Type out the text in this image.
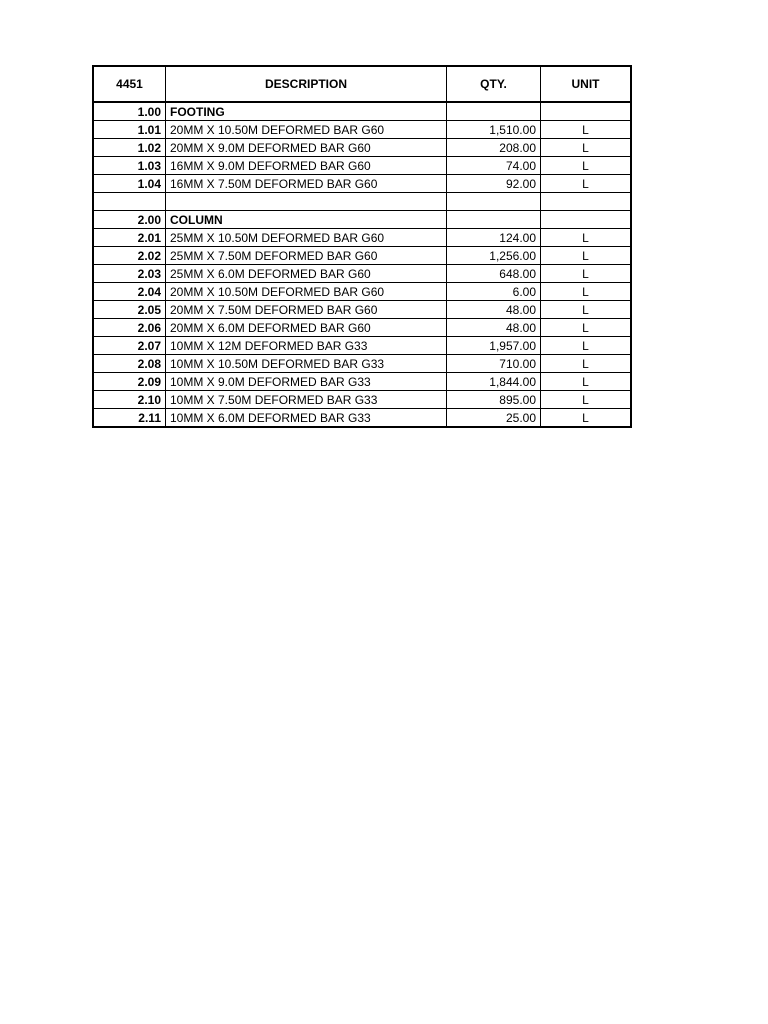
4451	DESCRIPTION	QTY.	UNIT
1.00	FOOTING		
1.01	20MM X 10.50M DEFORMED BAR G60	1,510.00	L
1.02	20MM X 9.0M DEFORMED BAR G60	208.00	L
1.03	16MM X 9.0M DEFORMED BAR G60	74.00	L
1.04	16MM X 7.50M DEFORMED BAR G60	92.00	L

2.00	COLUMN		
2.01	25MM X 10.50M DEFORMED BAR G60	124.00	L
2.02	25MM X 7.50M DEFORMED BAR G60	1,256.00	L
2.03	25MM X 6.0M DEFORMED BAR G60	648.00	L
2.04	20MM X 10.50M DEFORMED BAR G60	6.00	L
2.05	20MM X 7.50M DEFORMED BAR G60	48.00	L
2.06	20MM X 6.0M DEFORMED BAR G60	48.00	L
2.07	10MM X 12M DEFORMED BAR G33	1,957.00	L
2.08	10MM X 10.50M DEFORMED BAR G33	710.00	L
2.09	10MM X 9.0M DEFORMED BAR G33	1,844.00	L
2.10	10MM X 7.50M DEFORMED BAR G33	895.00	L
2.11	10MM X 6.0M DEFORMED BAR G33	25.00	L
